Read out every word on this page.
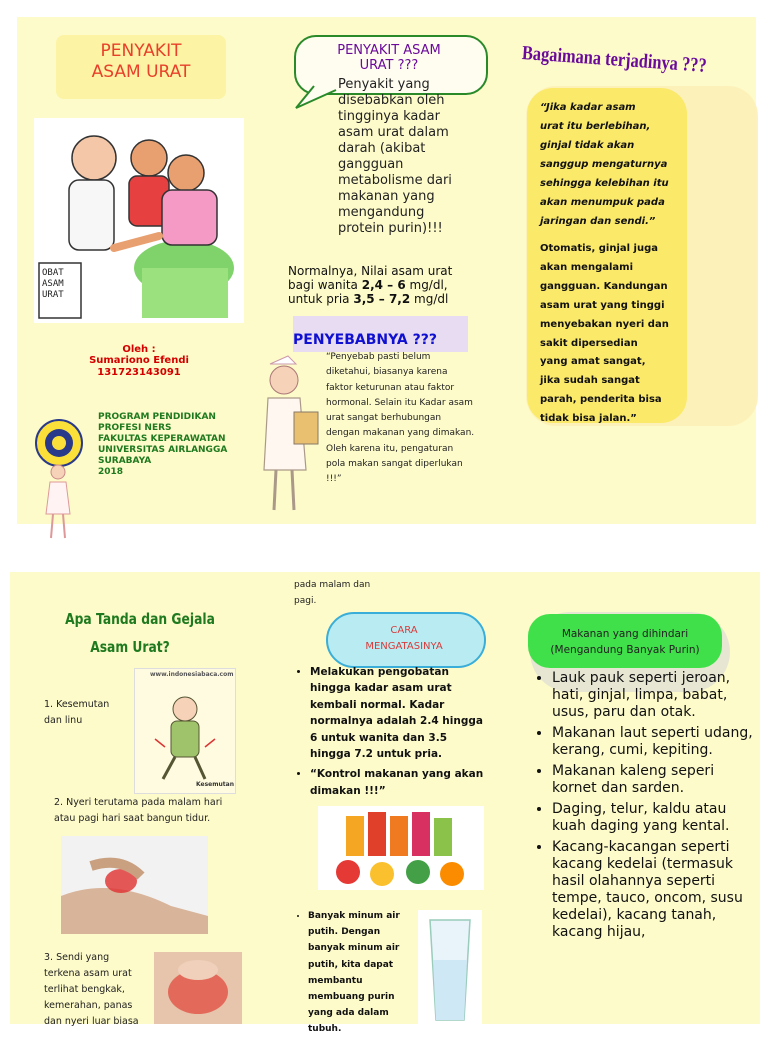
PENYAKIT
ASAM URAT
OBAT
ASAM
URAT
Oleh :
Sumariono Efendi
131723143091
PROGRAM PENDIDIKAN
PROFESI NERS
FAKULTAS KEPERAWATAN
UNIVERSITAS AIRLANGGA
SURABAYA
2018
PENYAKIT ASAM
URAT ???
Penyakit yang
disebabkan oleh
tingginya kadar
asam urat dalam
darah (akibat
gangguan
metabolisme dari
makanan yang
mengandung
protein purin)!!!
Normalnya, Nilai asam urat
bagi wanita 2,4 – 6 mg/dl,
untuk pria 3,5 – 7,2 mg/dl
PENYEBABNYA ???
“Penyebab pasti belum
diketahui, biasanya karena
faktor keturunan atau faktor
hormonal. Selain itu Kadar asam
urat sangat berhubungan
dengan makanan yang dimakan.
Oleh karena itu, pengaturan
pola makan sangat diperlukan
!!!”
Bagaimana terjadinya ???
“Jika kadar asam
urat itu berlebihan,
ginjal tidak akan
sanggup mengaturnya
sehingga kelebihan itu
akan menumpuk pada
jaringan dan sendi.”
Otomatis, ginjal juga
akan mengalami
gangguan. Kandungan
asam urat yang tinggi
menyebakan nyeri dan
sakit dipersedian
yang amat sangat,
jika sudah sangat
parah, penderita bisa
tidak bisa jalan.”
Apa Tanda dan Gejala
Asam Urat?
1. Kesemutan
dan linu
www.indonesiabaca.com
Kesemutan
2. Nyeri terutama pada malam hari
atau pagi hari saat bangun tidur.
3. Sendi yang
terkena asam urat
terlihat bengkak,
kemerahan, panas
dan nyeri luar biasa
pada malam dan
pagi.
CARA
MENGATASINYA
• Melakukan pengobatan hingga kadar asam urat kembali normal. Kadar normalnya adalah 2.4 hingga 6 untuk wanita dan 3.5 hingga 7.2 untuk pria.
• “Kontrol makanan yang akan dimakan !!!”
• Banyak minum air putih. Dengan banyak minum air putih, kita dapat membantu membuang purin yang ada dalam tubuh.
Makanan yang dihindari
(Mengandung Banyak Purin)
• Lauk pauk seperti jeroan, hati, ginjal, limpa, babat, usus, paru dan otak.
• Makanan laut seperti udang, kerang, cumi, kepiting.
• Makanan kaleng seperi kornet dan sarden.
• Daging, telur, kaldu atau kuah daging yang kental.
• Kacang-kacangan seperti kacang kedelai (termasuk hasil olahannya seperti tempe, tauco, oncom, susu kedelai), kacang tanah, kacang hijau,
